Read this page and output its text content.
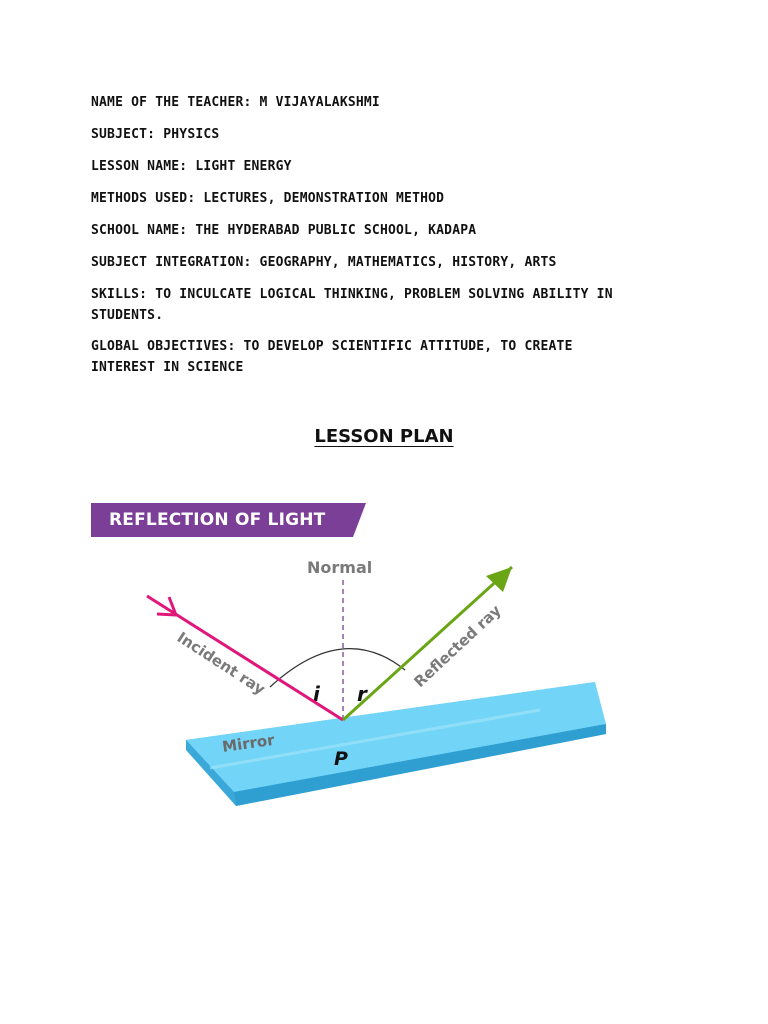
NAME OF THE TEACHER: M VIJAYALAKSHMI
SUBJECT: PHYSICS
LESSON NAME: LIGHT ENERGY
METHODS USED: LECTURES, DEMONSTRATION METHOD
SCHOOL NAME: THE HYDERABAD PUBLIC SCHOOL, KADAPA
SUBJECT INTEGRATION: GEOGRAPHY, MATHEMATICS, HISTORY, ARTS
SKILLS: TO INCULCATE LOGICAL THINKING, PROBLEM SOLVING ABILITY IN STUDENTS.
GLOBAL OBJECTIVES: TO DEVELOP SCIENTIFIC ATTITUDE, TO CREATE INTEREST IN SCIENCE
LESSON PLAN
REFLECTION OF LIGHT
Normal
i r
Incident ray	Reflected ray
Mirror
P
